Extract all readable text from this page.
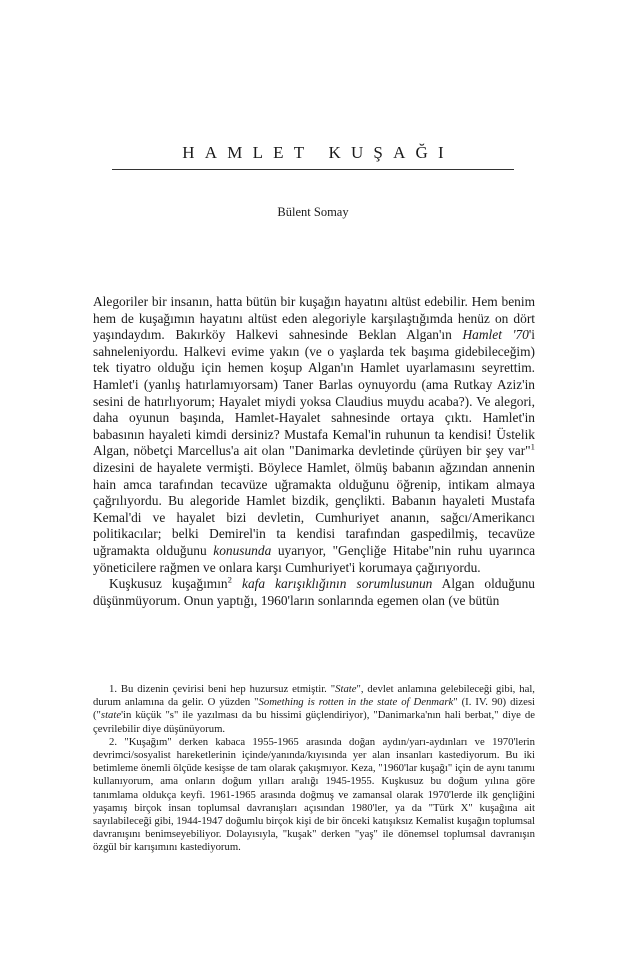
HAMLET KUŞAĞI
Bülent Somay

Alegoriler bir insanın, hatta bütün bir kuşağın hayatını altüst edebilir. Hem benim hem de kuşağımın hayatını altüst eden alegoriyle karşılaştığımda henüz on dört yaşındaydım. Bakırköy Halkevi sahnesinde Beklan Algan'ın Hamlet '70'i sahneleniyordu. Halkevi evime yakın (ve o yaşlarda tek başıma gidebileceğim) tek tiyatro olduğu için hemen koşup Algan'ın Hamlet uyarlamasını seyrettim. Hamlet'i (yanlış hatırlamıyorsam) Taner Barlas oynuyordu (ama Rutkay Aziz'in sesini de hatırlıyorum; Hayalet miydi yoksa Claudius muydu acaba?). Ve alegori, daha oyunun başında, Hamlet-Hayalet sahnesinde ortaya çıktı. Hamlet'in babasının hayaleti kimdi dersiniz? Mustafa Kemal'in ruhunun ta kendisi! Üstelik Algan, nöbetçi Marcellus'a ait olan "Danimarka devletinde çürüyen bir şey var"$^1$ dizesini de hayalete vermişti. Böylece Hamlet, ölmüş babanın ağzından annenin hain amca tarafından tecavüze uğramakta olduğunu öğrenip, intikam almaya çağrılıyordu. Bu alegoride Hamlet bizdik, gençlikti. Babanın hayaleti Mustafa Kemal'di ve hayalet bizi devletin, Cumhuriyet ananın, sağcı/Amerikancı politikacılar; belki Demirel'in ta kendisi tarafından gaspedilmiş, tecavüze uğramakta olduğunu konusunda uyarıyor, "Gençliğe Hitabe"nin ruhu uyarınca yöneticilere rağmen ve onlara karşı Cumhuriyet'i korumaya çağırıyordu.

Kuşkusuz kuşağımın$^2$ kafa karışıklığının sorumlusunun Algan olduğunu düşünmüyorum. Onun yaptığı, 1960'ların sonlarında egemen olan (ve bütün

1. Bu dizenin çevirisi beni hep huzursuz etmiştir. "State", devlet anlamına gelebileceği gibi, hal, durum anlamına da gelir. O yüzden "Something is rotten in the state of Denmark" (I. IV. 90) dizesi ("state'in küçük "s" ile yazılması da bu hissimi güçlendiriyor), "Danimarka'nın hali berbat," diye de çevrilebilir diye düşünüyorum.

2. "Kuşağım" derken kabaca 1955-1965 arasında doğan aydın/yarı-aydınları ve 1970'lerin devrimci/sosyalist hareketlerinin içinde/yanında/kıyısında yer alan insanları kastediyorum. Bu iki betimleme önemli ölçüde kesişse de tam olarak çakışmıyor. Keza, "1960'lar kuşağı" için de aynı tanımı kullanıyorum, ama onların doğum yılları aralığı 1945-1955. Kuşkusuz bu doğum yılına göre tanımlama oldukça keyfi. 1961-1965 arasında doğmuş ve zamansal olarak 1970'lerde ilk gençliğini yaşamış birçok insan toplumsal davranışları açısından 1980'ler, ya da "Türk X" kuşağına ait sayılabileceği gibi, 1944-1947 doğumlu birçok kişi de bir önceki katışıksız Kemalist kuşağın toplumsal davranışını benimseyebiliyor. Dolayısıyla, "kuşak" derken "yaş" ile dönemsel toplumsal davranışın özgül bir karışımını kastediyorum.
